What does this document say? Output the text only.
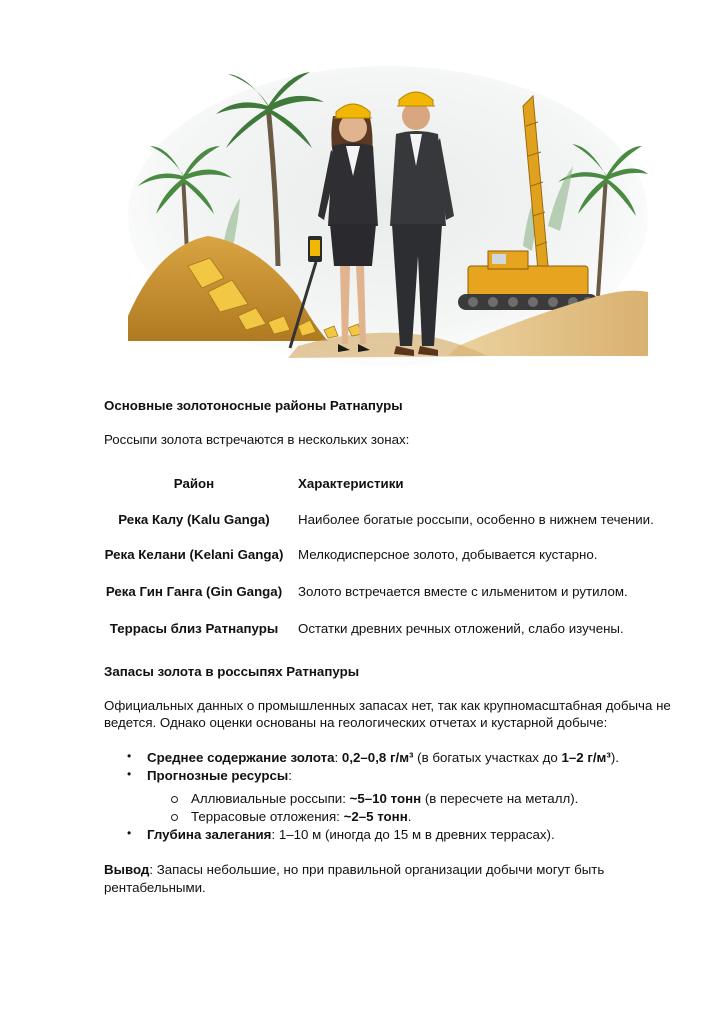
Основные золотоносные районы Ратнапуры
Россыпи золота встречаются в нескольких зонах:
Район	Характеристики
Река Калу (Kalu Ganga)	Наиболее богатые россыпи, особенно в нижнем течении.
Река Келани (Kelani Ganga)	Мелкодисперсное золото, добывается кустарно.
Река Гин Ганга (Gin Ganga)	Золото встречается вместе с ильменитом и рутилом.
Террасы близ Ратнапуры	Остатки древних речных отложений, слабо изучены.
Запасы золота в россыпях Ратнапуры
Официальных данных о промышленных запасах нет, так как крупномасштабная добыча не
ведется. Однако оценки основаны на геологических отчетах и кустарной добыче:
• Среднее содержание золота: 0,2–0,8 г/м³ (в богатых участках до 1–2 г/м³).
• Прогнозные ресурсы:
Аллювиальные россыпи: ~5–10 тонн (в пересчете на металл).
Террасовые отложения: ~2–5 тонн.
• Глубина залегания: 1–10 м (иногда до 15 м в древних террасах).
Вывод: Запасы небольшие, но при правильной организации добычи могут быть
рентабельными.
